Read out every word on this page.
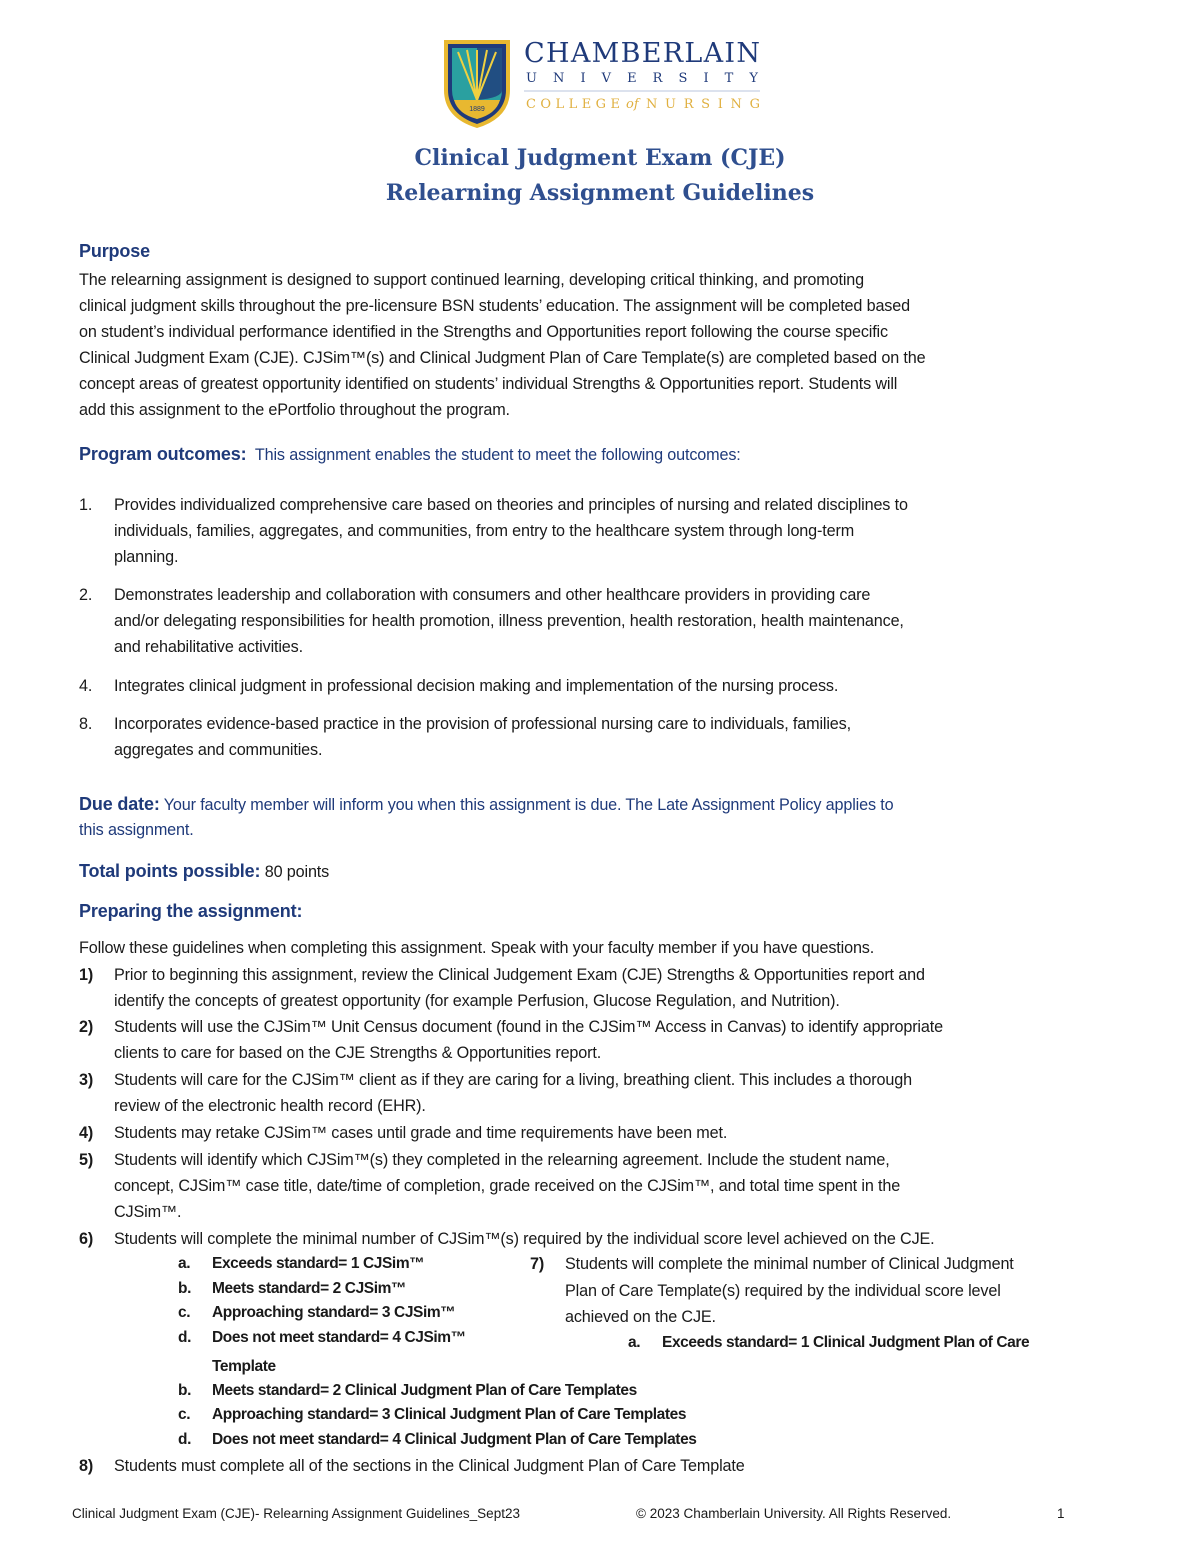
1889
CHAMBERLAIN
UNIVERSITY
COLLEGE of NURSING
Clinical Judgment Exam (CJE)
Relearning Assignment Guidelines
Purpose
The relearning assignment is designed to support continued learning, developing critical thinking, and promoting
clinical judgment skills throughout the pre-licensure BSN students’ education. The assignment will be completed based
on student’s individual performance identified in the Strengths and Opportunities report following the course specific
Clinical Judgment Exam (CJE). CJSim™(s) and Clinical Judgment Plan of Care Template(s) are completed based on the
concept areas of greatest opportunity identified on students’ individual Strengths & Opportunities report. Students will
add this assignment to the ePortfolio throughout the program.
Program outcomes: This assignment enables the student to meet the following outcomes:
1. Provides individualized comprehensive care based on theories and principles of nursing and related disciplines to
individuals, families, aggregates, and communities, from entry to the healthcare system through long-term
planning.
2. Demonstrates leadership and collaboration with consumers and other healthcare providers in providing care
and/or delegating responsibilities for health promotion, illness prevention, health restoration, health maintenance,
and rehabilitative activities.
4. Integrates clinical judgment in professional decision making and implementation of the nursing process.
8. Incorporates evidence-based practice in the provision of professional nursing care to individuals, families,
aggregates and communities.
Due date: Your faculty member will inform you when this assignment is due. The Late Assignment Policy applies to
this assignment.
Total points possible: 80 points
Preparing the assignment:
Follow these guidelines when completing this assignment. Speak with your faculty member if you have questions.
1) Prior to beginning this assignment, review the Clinical Judgement Exam (CJE) Strengths & Opportunities report and
identify the concepts of greatest opportunity (for example Perfusion, Glucose Regulation, and Nutrition).
2) Students will use the CJSim™ Unit Census document (found in the CJSim™ Access in Canvas) to identify appropriate
clients to care for based on the CJE Strengths & Opportunities report.
3) Students will care for the CJSim™ client as if they are caring for a living, breathing client. This includes a thorough
review of the electronic health record (EHR).
4) Students may retake CJSim™ cases until grade and time requirements have been met.
5) Students will identify which CJSim™(s) they completed in the relearning agreement. Include the student name,
concept, CJSim™ case title, date/time of completion, grade received on the CJSim™, and total time spent in the
CJSim™.
6) Students will complete the minimal number of CJSim™(s) required by the individual score level achieved on the CJE.
a. Exceeds standard= 1 CJSim™
b. Meets standard= 2 CJSim™
c. Approaching standard= 3 CJSim™
d. Does not meet standard= 4 CJSim™
7) Students will complete the minimal number of Clinical Judgment
Plan of Care Template(s) required by the individual score level
achieved on the CJE.
a. Exceeds standard= 1 Clinical Judgment Plan of Care
Template
b. Meets standard= 2 Clinical Judgment Plan of Care Templates
c. Approaching standard= 3 Clinical Judgment Plan of Care Templates
d. Does not meet standard= 4 Clinical Judgment Plan of Care Templates
8) Students must complete all of the sections in the Clinical Judgment Plan of Care Template
Clinical Judgment Exam (CJE)- Relearning Assignment Guidelines_Sept23	© 2023 Chamberlain University. All Rights Reserved.	1
